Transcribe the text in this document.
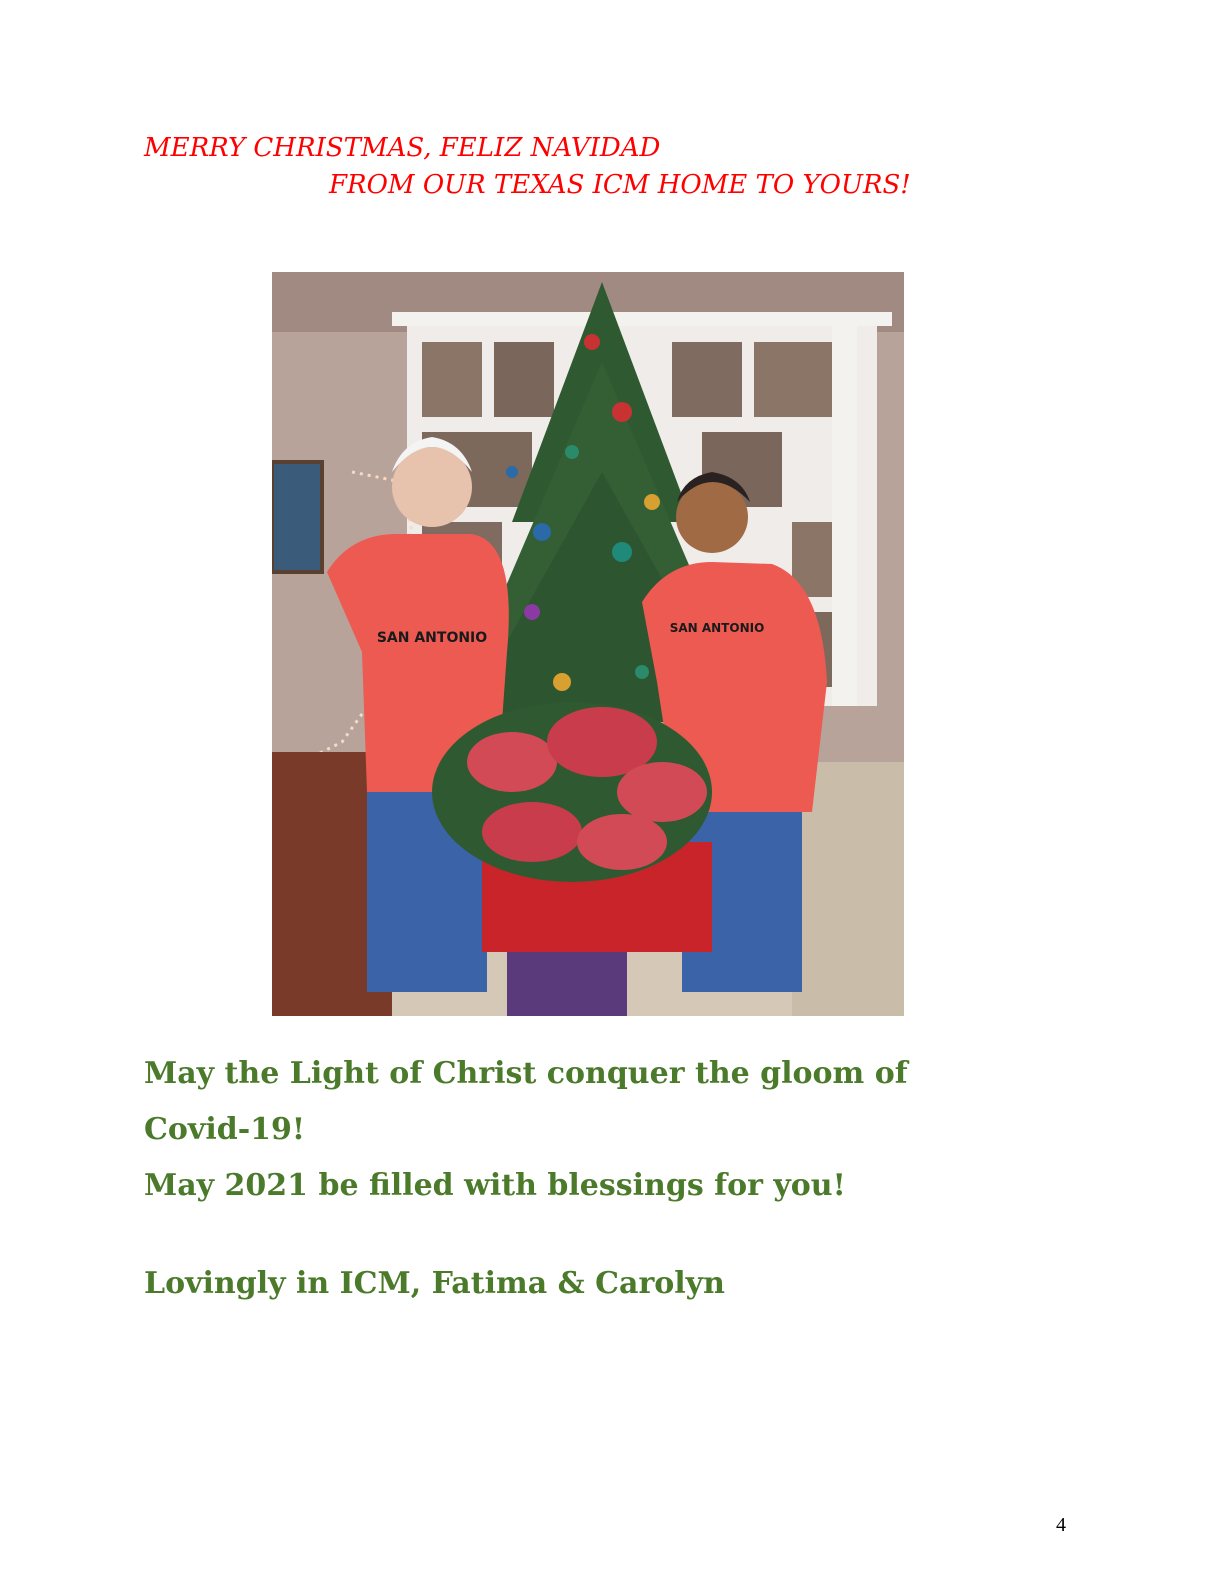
MERRY CHRISTMAS, FELIZ NAVIDAD
FROM OUR TEXAS ICM HOME TO YOURS!
SAN ANTONIO
SAN ANTONIO
May the Light of Christ conquer the gloom of
Covid-19!
May 2021 be filled with blessings for you!
Lovingly in ICM, Fatima & Carolyn
4
